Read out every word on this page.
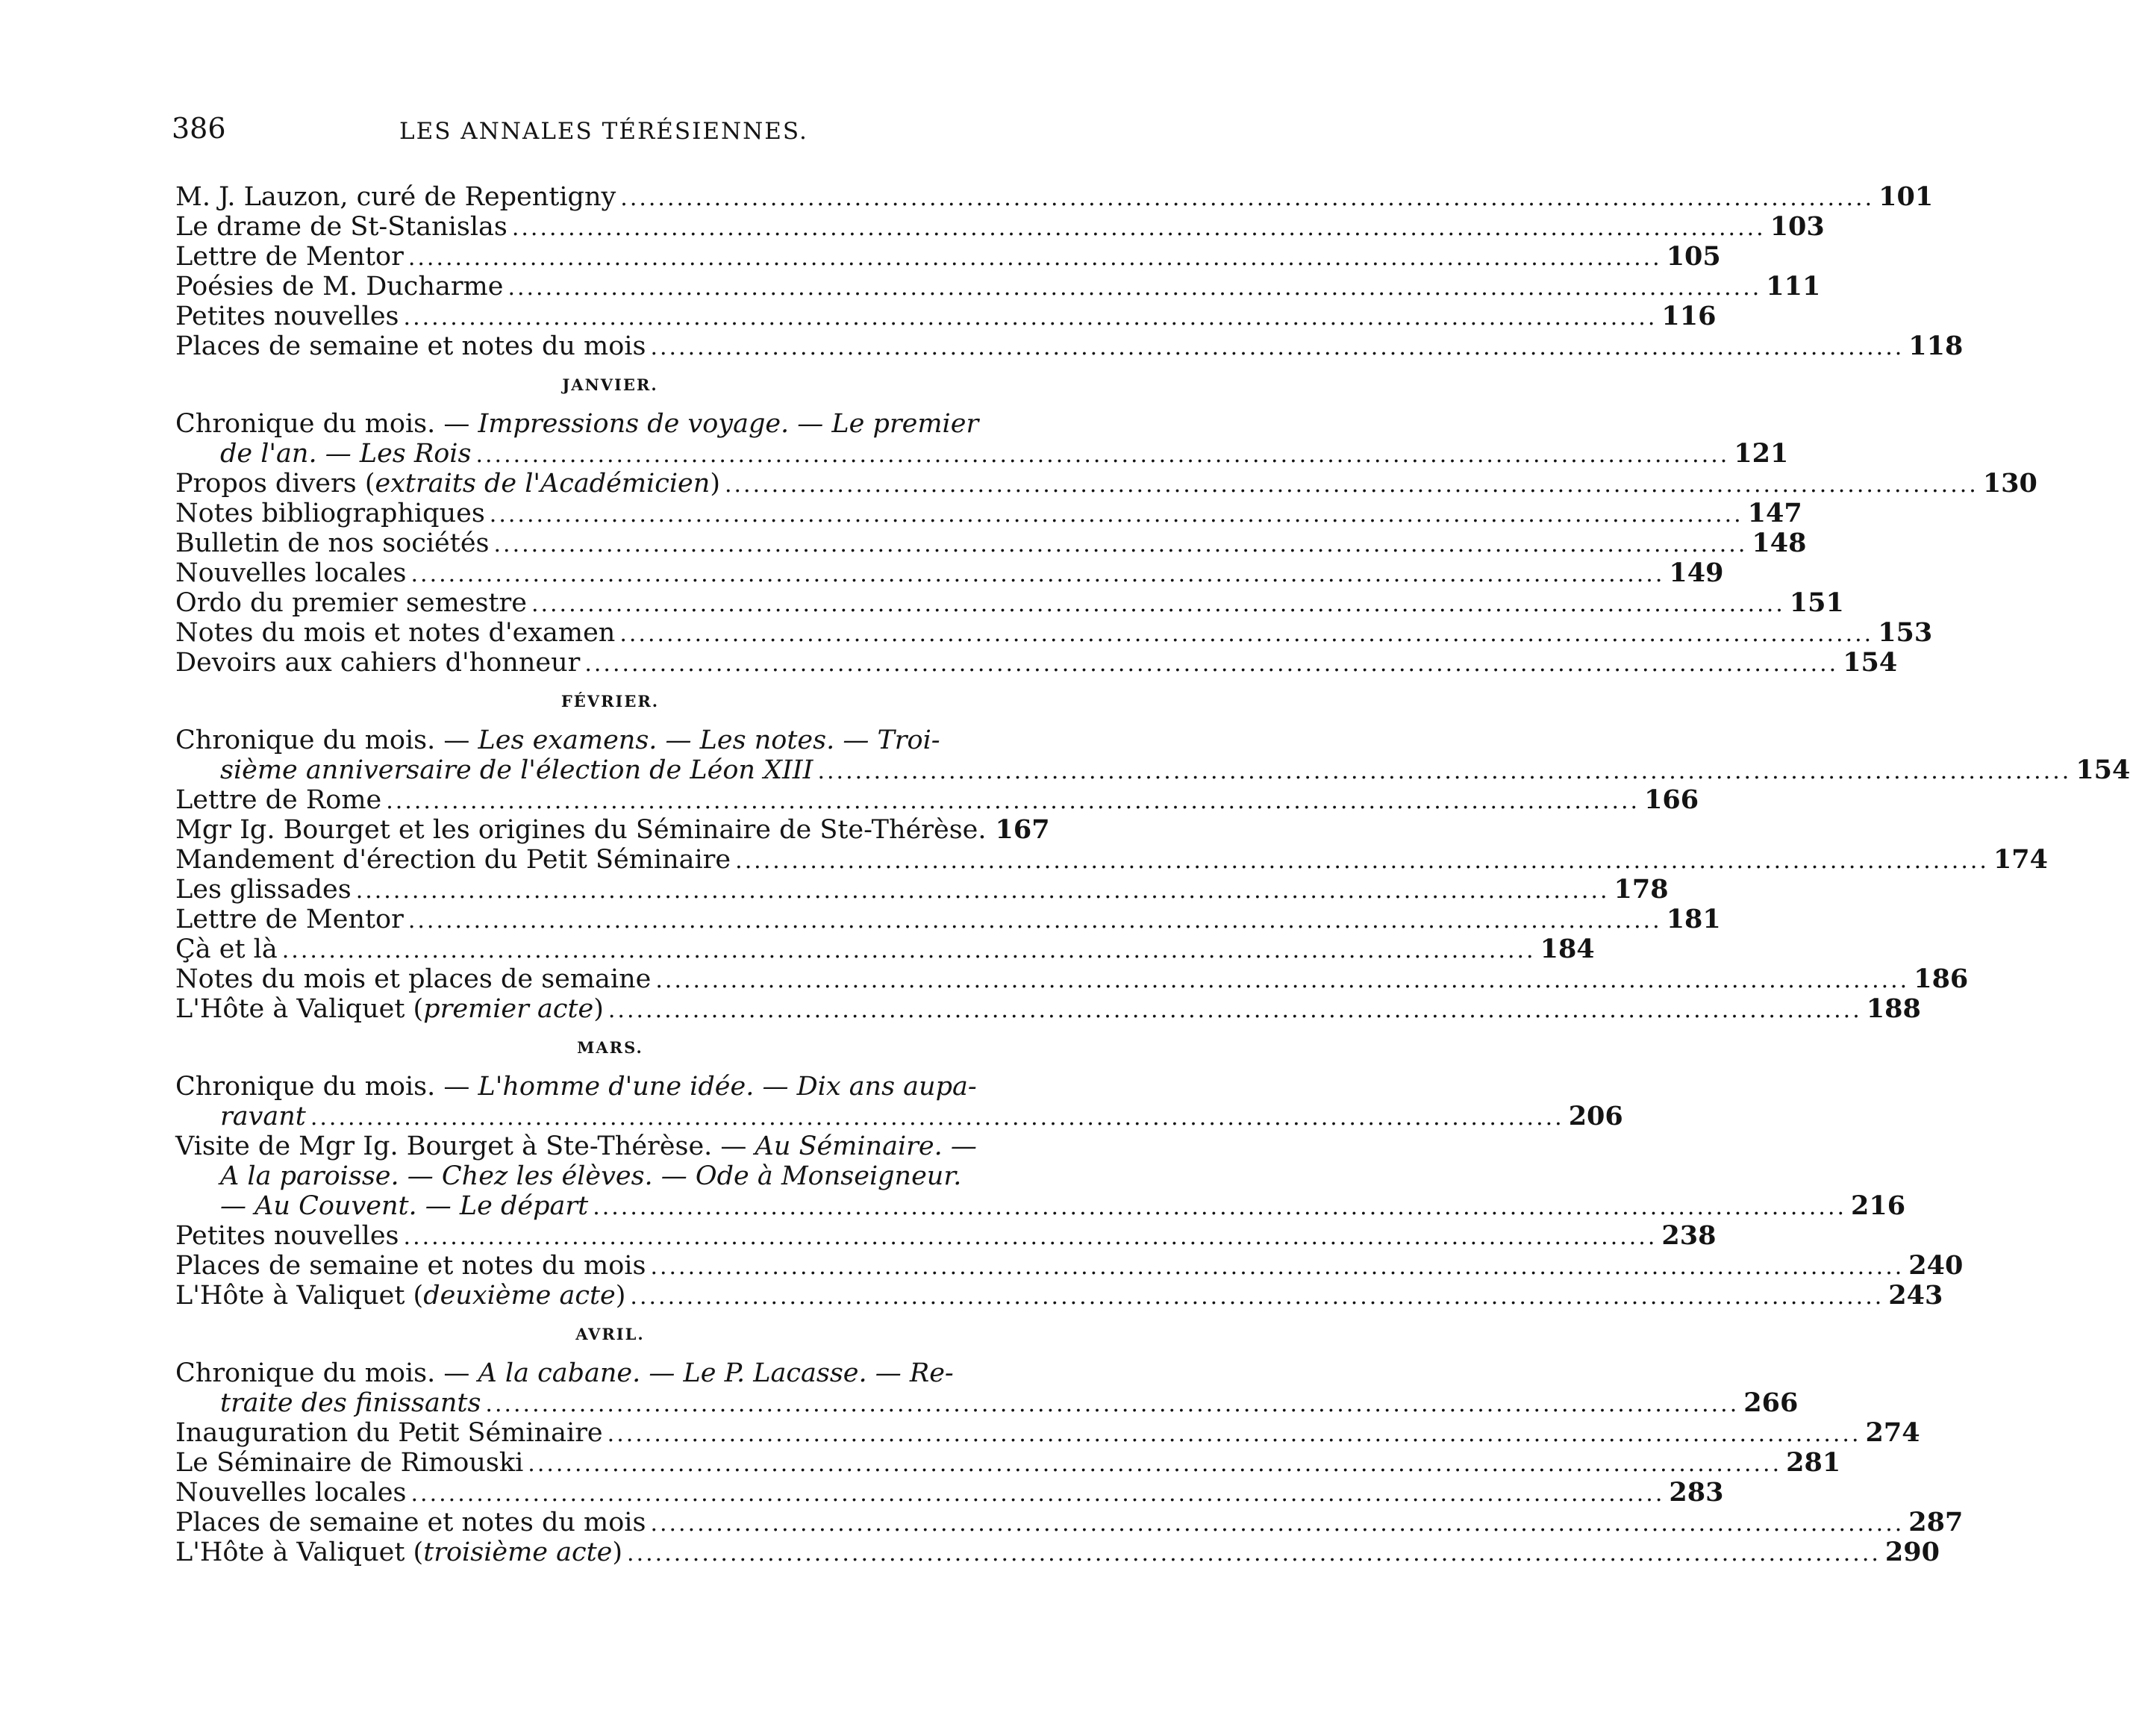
386	LES ANNALES TÉRÉSIENNES.
M. J. Lauzon, curé de Repentigny .....	101
Le drame de St-Stanislas .....	103
Lettre de Mentor .....	105
Poésies de M. Ducharme .....	111
Petites nouvelles .....	116
Places de semaine et notes du mois .....	118
JANVIER.
Chronique du mois. — Impressions de voyage. — Le premier
de l'an. — Les Rois .....	121
Propos divers (extraits de l'Académicien) .....	130
Notes bibliographiques .....	147
Bulletin de nos sociétés .....	148
Nouvelles locales .....	149
Ordo du premier semestre .....	151
Notes du mois et notes d'examen .....	153
Devoirs aux cahiers d'honneur .....	154
FÉVRIER.
Chronique du mois. — Les examens. — Les notes. — Troi-
sième anniversaire de l'élection de Léon XIII .....	154
Lettre de Rome .....	166
Mgr Ig. Bourget et les origines du Séminaire de Ste-Thérèse. 167
Mandement d'érection du Petit Séminaire .....	174
Les glissades .....	178
Lettre de Mentor .....	181
Çà et là .....	184
Notes du mois et places de semaine .....	186
L'Hôte à Valiquet (premier acte) .....	188
MARS.
Chronique du mois. — L'homme d'une idée. — Dix ans aupa-
ravant .....	206
Visite de Mgr Ig. Bourget à Ste-Thérèse. — Au Séminaire. —
A la paroisse. — Chez les élèves. — Ode à Monseigneur.
— Au Couvent. — Le départ .....	216
Petites nouvelles .....	238
Places de semaine et notes du mois .....	240
L'Hôte à Valiquet (deuxième acte) .....	243
AVRIL.
Chronique du mois. — A la cabane. — Le P. Lacasse. — Re-
traite des finissants .....	266
Inauguration du Petit Séminaire .....	274
Le Séminaire de Rimouski .....	281
Nouvelles locales .....	283
Places de semaine et notes du mois .....	287
L'Hôte à Valiquet (troisième acte) .....	290
